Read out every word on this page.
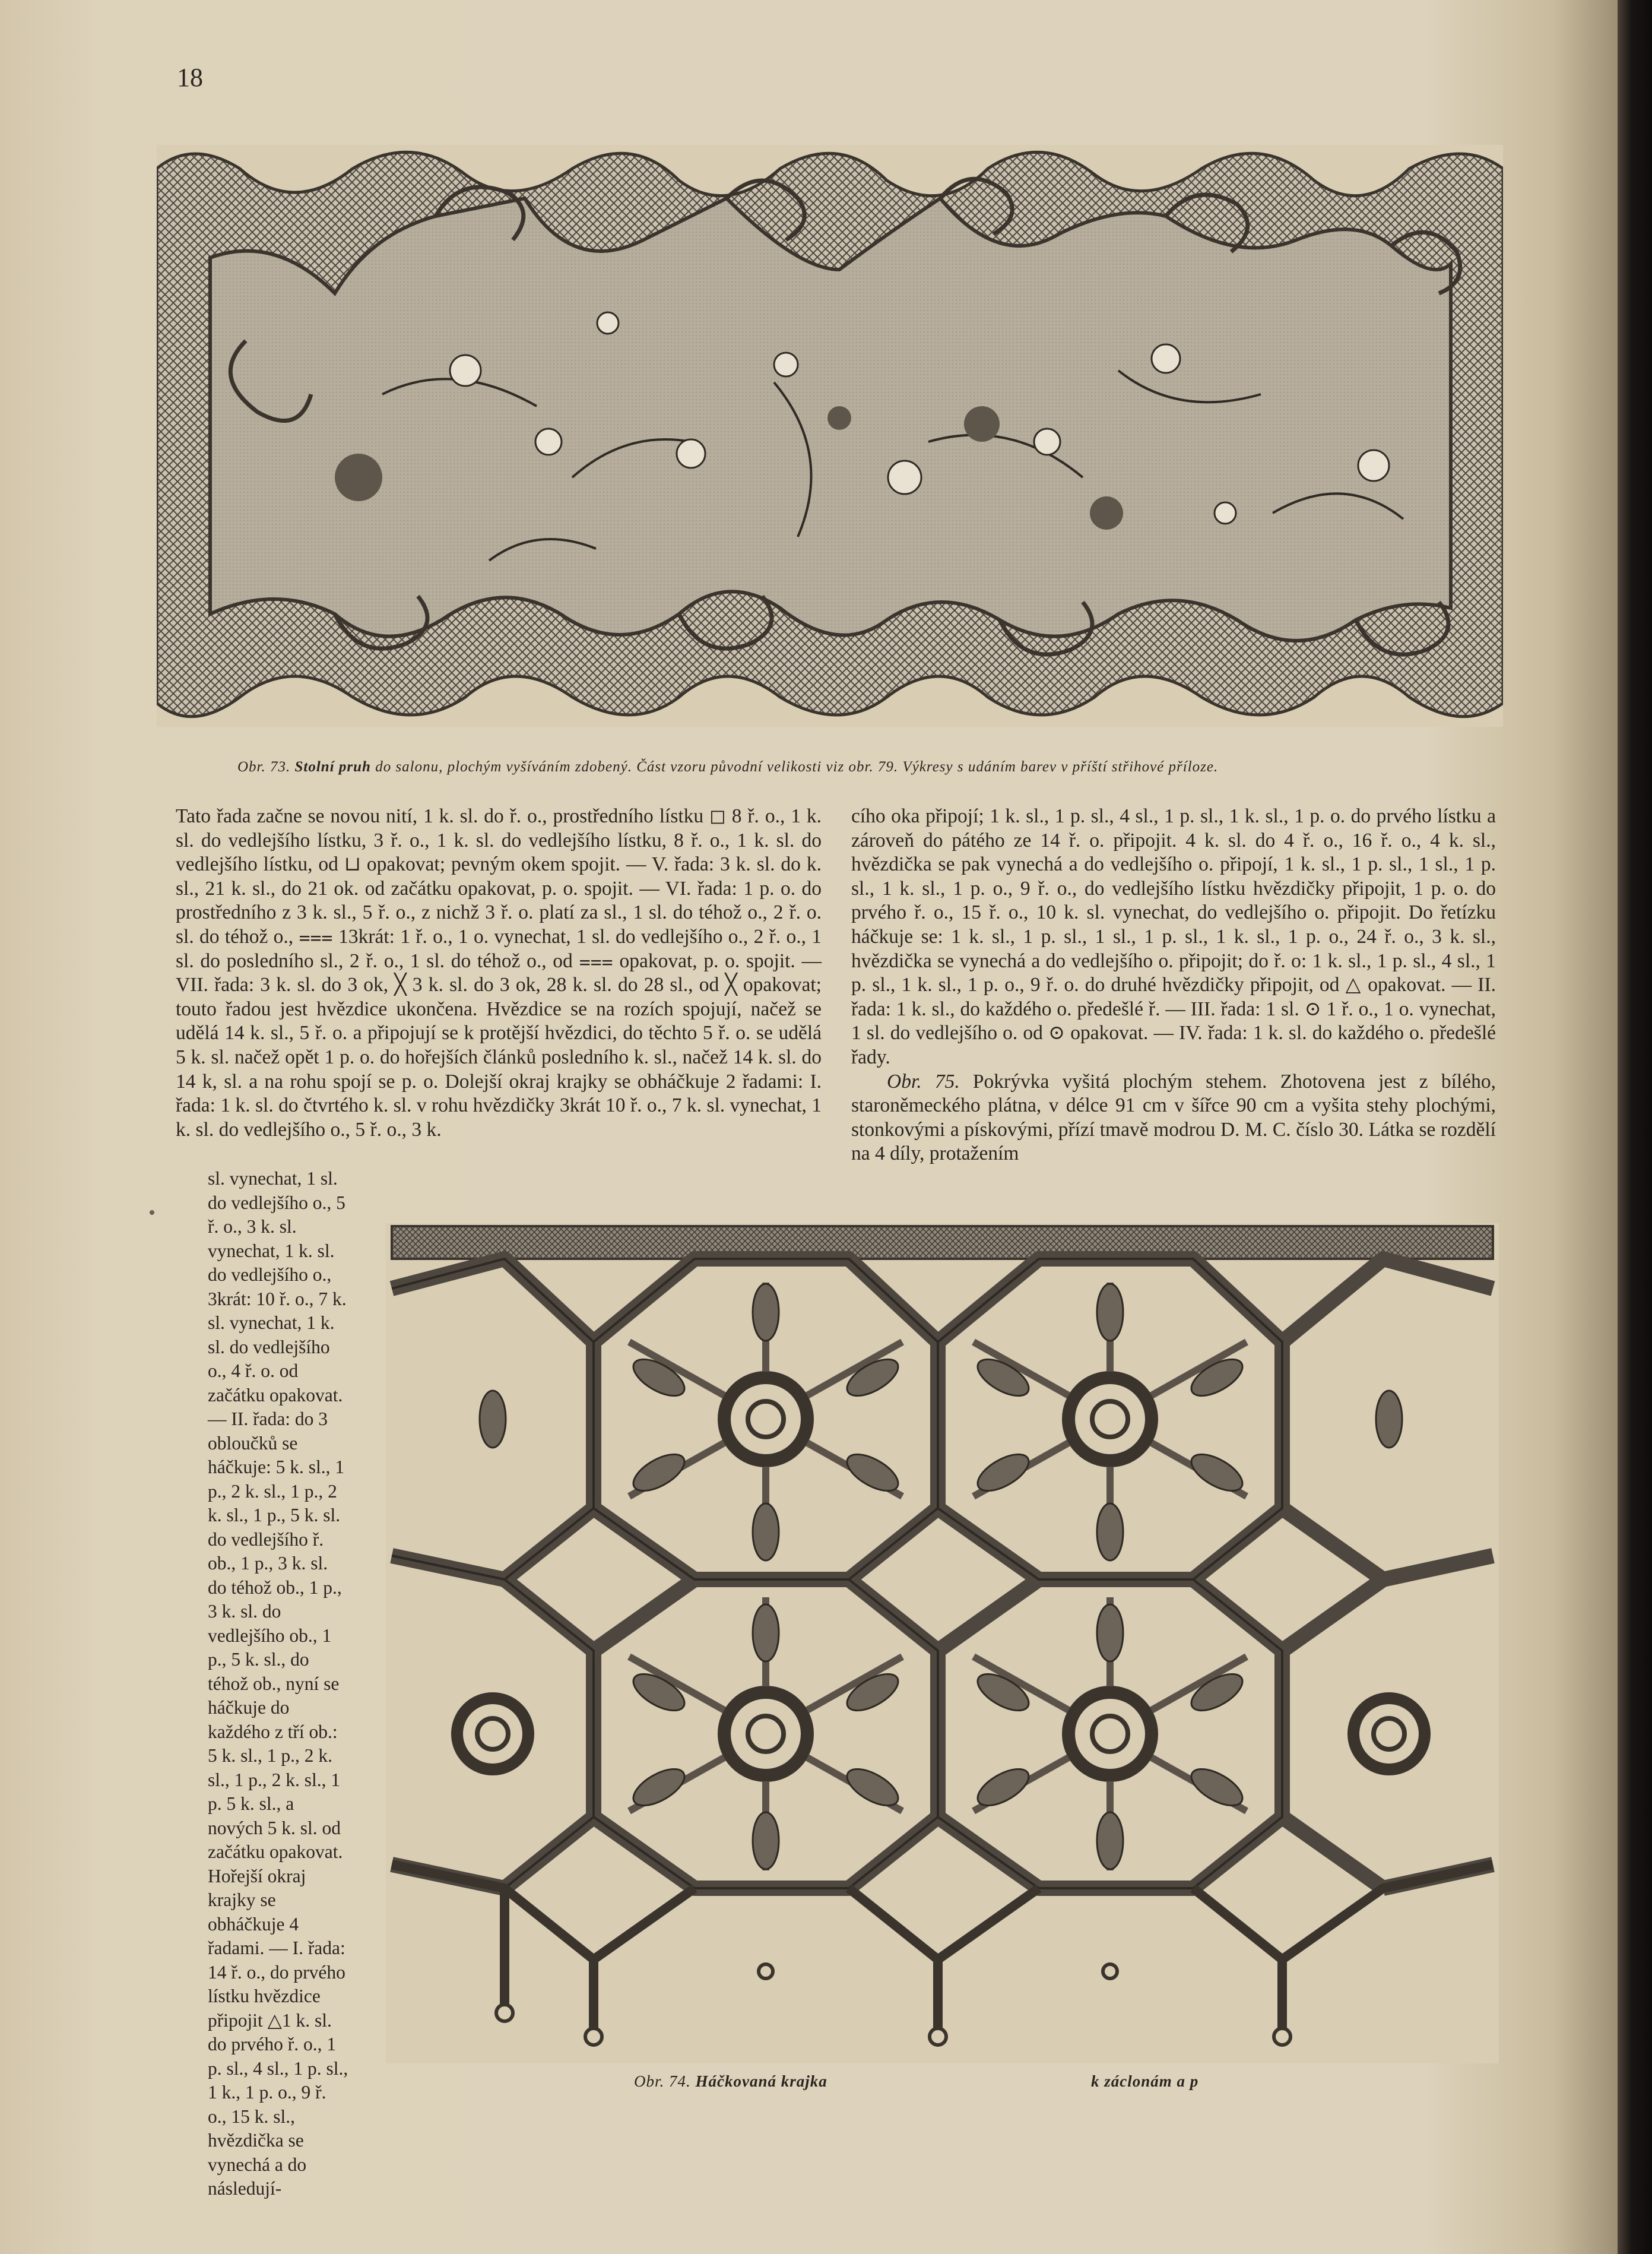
18
Obr. 73. Stolní pruh do salonu, plochým vyšíváním zdobený. Část vzoru původní velikosti viz obr. 79. Výkresy s udáním barev v příští střihové příloze.

Tato řada začne se novou nití, 1 k. sl. do ř. o., prostředního lístku ◻ 8 ř. o., 1 k. sl. do vedlejšího lístku, 3 ř. o., 1 k. sl. do vedlejšího lístku, 8 ř. o., 1 k. sl. do vedlejšího lístku, od ⊔ opakovat; pevným okem spojit. — V. řada: 3 k. sl. do k. sl., 21 k. sl., do 21 ok. od začátku opakovat, p. o. spojit. — VI. řada: 1 p. o. do prostředního z 3 k. sl., 5 ř. o., z nichž 3 ř. o. platí za sl., 1 sl. do téhož o., 2 ř. o. sl. do téhož o., ⩶ 13krát: 1 ř. o., 1 o. vynechat, 1 sl. do vedlejšího o., 2 ř. o., 1 sl. do posledního sl., 2 ř. o., 1 sl. do téhož o., od ⩶ opakovat, p. o. spojit. — VII. řada: 3 k. sl. do 3 ok, ╳ 3 k. sl. do 3 ok, 28 k. sl. do 28 sl., od ╳ opakovat; touto řadou jest hvězdice ukončena. Hvězdice se na rozích spojují, načež se udělá 14 k. sl., 5 ř. o. a připojují se k protější hvězdici, do těchto 5 ř. o. se udělá 5 k. sl. načež opět 1 p. o. do hořejších článků posledního k. sl., načež 14 k. sl. do 14 k, sl. a na rohu spojí se p. o. Dolejší okraj krajky se obháčkuje 2 řadami: I. řada: 1 k. sl. do čtvrtého k. sl. v rohu hvězdičky 3krát 10 ř. o., 7 k. sl. vynechat, 1 k. sl. do vedlejšího o., 5 ř. o., 3 k.

sl. vynechat, 1 sl. do vedlejšího o., 5 ř. o., 3 k. sl. vynechat, 1 k. sl. do vedlejšího o., 3krát: 10 ř. o., 7 k. sl. vynechat, 1 k. sl. do vedlejšího o., 4 ř. o. od začátku opakovat. — II. řada: do 3 obloučků se háčkuje: 5 k. sl., 1 p., 2 k. sl., 1 p., 2 k. sl., 1 p., 5 k. sl. do vedlejšího ř. ob., 1 p., 3 k. sl. do téhož ob., 1 p., 3 k. sl. do vedlejšího ob., 1 p., 5 k. sl., do téhož ob., nyní se háčkuje do každého z tří ob.: 5 k. sl., 1 p., 2 k. sl., 1 p., 2 k. sl., 1 p. 5 k. sl., a nových 5 k. sl. od začátku opakovat. Hořejší okraj krajky se obháčkuje 4 řadami. — I. řada: 14 ř. o., do prvého lístku hvězdice připojit △1 k. sl. do prvého ř. o., 1 p. sl., 4 sl., 1 p. sl., 1 k., 1 p. o., 9 ř. o., 15 k. sl., hvězdička se vynechá a do následují-

cího oka připojí; 1 k. sl., 1 p. sl., 4 sl., 1 p. sl., 1 k. sl., 1 p. o. do prvého lístku a zároveň do pátého ze 14 ř. o. připojit. 4 k. sl. do 4 ř. o., 16 ř. o., 4 k. sl., hvězdička se pak vynechá a do vedlejšího o. připojí, 1 k. sl., 1 p. sl., 1 sl., 1 p. sl., 1 k. sl., 1 p. o., 9 ř. o., do vedlejšího lístku hvězdičky připojit, 1 p. o. do prvého ř. o., 15 ř. o., 10 k. sl. vynechat, do vedlejšího o. připojit. Do řetízku háčkuje se: 1 k. sl., 1 p. sl., 1 sl., 1 p. sl., 1 k. sl., 1 p. o., 24 ř. o., 3 k. sl., hvězdička se vynechá a do vedlejšího o. připojit; do ř. o: 1 k. sl., 1 p. sl., 4 sl., 1 p. sl., 1 k. sl., 1 p. o., 9 ř. o. do druhé hvězdičky připojit, od △ opakovat. — II. řada: 1 k. sl., do každého o. předešlé ř. — III. řada: 1 sl. ⊙ 1 ř. o., 1 o. vynechat, 1 sl. do vedlejšího o. od ⊙ opakovat. — IV. řada: 1 k. sl. do každého o. předešlé řady.

Obr. 75. Pokrývka vyšitá plochým stehem. Zhotovena jest z bílého, staroněmeckého plátna, v délce 91 cm v šířce 90 cm a vyšita stehy plochými, stonkovými a pískovými, přízí tmavě modrou D. M. C. číslo 30. Látka se rozdělí na 4 díly, protažením

Obr. 74. Háčkovaná krajka	k záclonám a p
